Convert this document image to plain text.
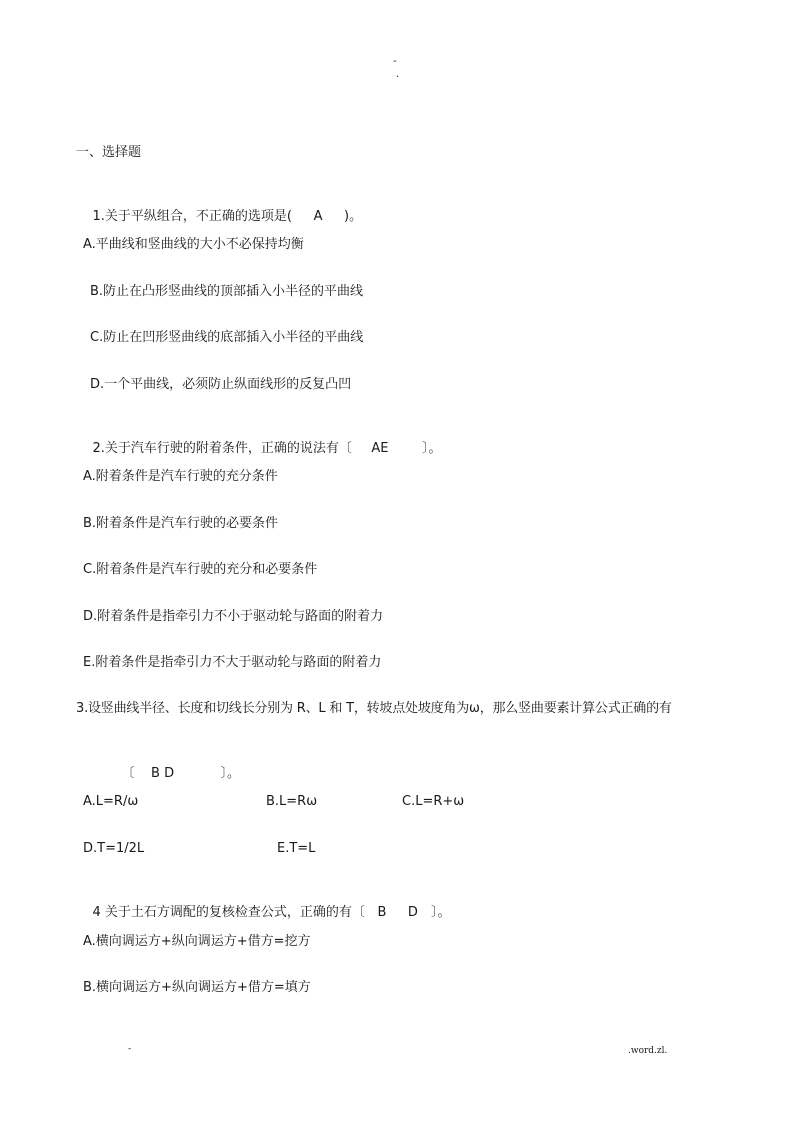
-
.
一、选择题

1.关于平纵组合，不正确的选项是( A )。

A.平曲线和竖曲线的大小不必保持均衡
B.防止在凸形竖曲线的顶部插入小半径的平曲线
C.防止在凹形竖曲线的底部插入小半径的平曲线
D.一个平曲线，必须防止纵面线形的反复凸凹

2.关于汽车行驶的附着条件，正确的说法有〔 AE	〕。

A.附着条件是汽车行驶的充分条件
B.附着条件是汽车行驶的必要条件
C.附着条件是汽车行驶的充分和必要条件
D.附着条件是指牵引力不小于驱动轮与路面的附着力
E.附着条件是指牵引力不大于驱动轮与路面的附着力
3.设竖曲线半径、长度和切线长分别为 R、L 和 T，转坡点处坡度角为ω，那么竖曲要素计算公式正确的有

〔 B D	〕。

A.L=R/ω	B.L=Rω	C.L=R+ω
D.T=1/2L	E.T=L

4 关于土石方调配的复核检查公式，正确的有〔 B D 〕。

A.横向调运方+纵向调运方+借方=挖方
B.横向调运方+纵向调运方+借方=填方
-	.word.zl.
